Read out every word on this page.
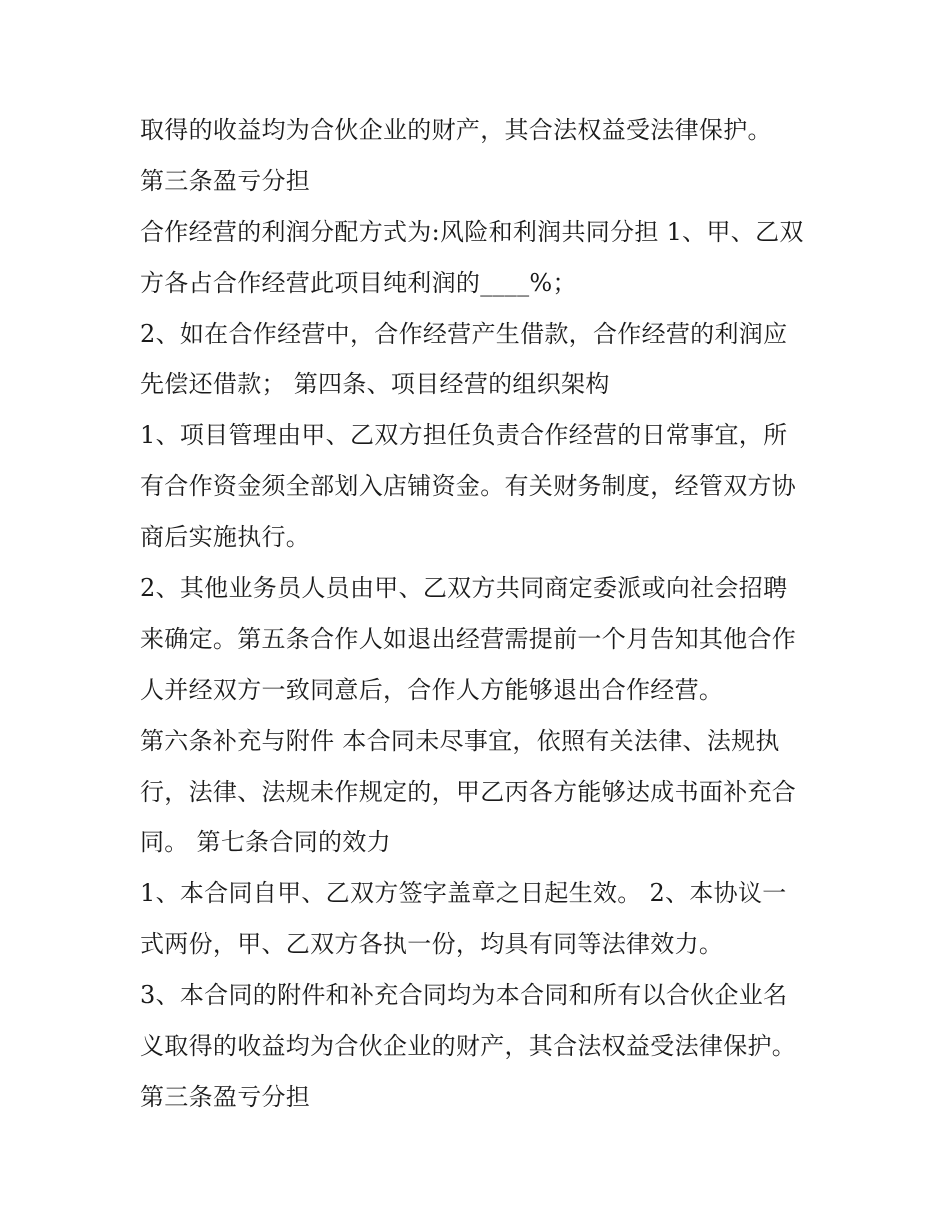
取得的收益均为合伙企业的财产，其合法权益受法律保护。
第三条盈亏分担
合作经营的利润分配方式为:风险和利润共同分担 1、甲、乙双
方各占合作经营此项目纯利润的____%；
2、如在合作经营中，合作经营产生借款，合作经营的利润应
先偿还借款； 第四条、项目经营的组织架构
1、项目管理由甲、乙双方担任负责合作经营的日常事宜，所
有合作资金须全部划入店铺资金。有关财务制度，经管双方协
商后实施执行。
2、其他业务员人员由甲、乙双方共同商定委派或向社会招聘
来确定。第五条合作人如退出经营需提前一个月告知其他合作
人并经双方一致同意后，合作人方能够退出合作经营。
第六条补充与附件 本合同未尽事宜，依照有关法律、法规执
行，法律、法规未作规定的，甲乙丙各方能够达成书面补充合
同。 第七条合同的效力
1、本合同自甲、乙双方签字盖章之日起生效。 2、本协议一
式两份，甲、乙双方各执一份，均具有同等法律效力。
3、本合同的附件和补充合同均为本合同和所有以合伙企业名
义取得的收益均为合伙企业的财产，其合法权益受法律保护。
第三条盈亏分担
